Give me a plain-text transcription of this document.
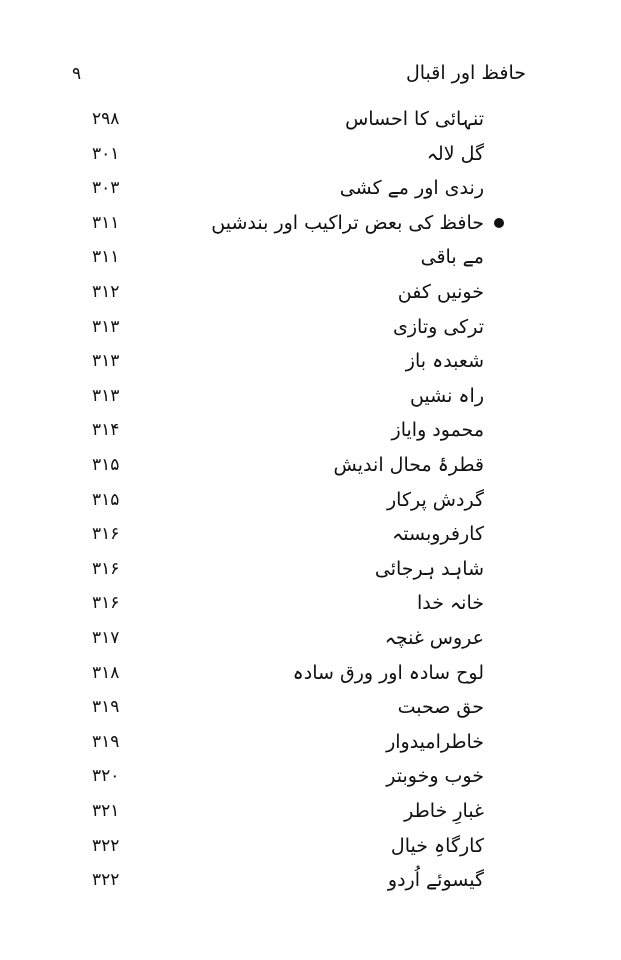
حافظ اور اقبال
۹
تنہائی کا احساس
۲۹۸
گل لالہ
۳۰۱
رندی اور مے کشی
۳۰۳
حافظ کی بعض تراکیب اور بندشیں
۳۱۱
مے باقی
۳۱۱
خونیں کفن
۳۱۲
ترکی وتازی
۳۱۳
شعبدہ باز
۳۱۳
راہ نشیں
۳۱۳
محمود وایاز
۳۱۴
قطرۂ محال اندیش
۳۱۵
گردش پرکار
۳۱۵
کارفروبستہ
۳۱۶
شاہد ہرجائی
۳۱۶
خانہ خدا
۳۱۶
عروس غنچہ
۳۱۷
لوح سادہ اور ورق سادہ
۳۱۸
حق صحبت
۳۱۹
خاطرامیدوار
۳۱۹
خوب وخوبتر
۳۲۰
غبارِ خاطر
۳۲۱
کارگاہِ خیال
۳۲۲
گیسوئے اُردو
۳۲۲
